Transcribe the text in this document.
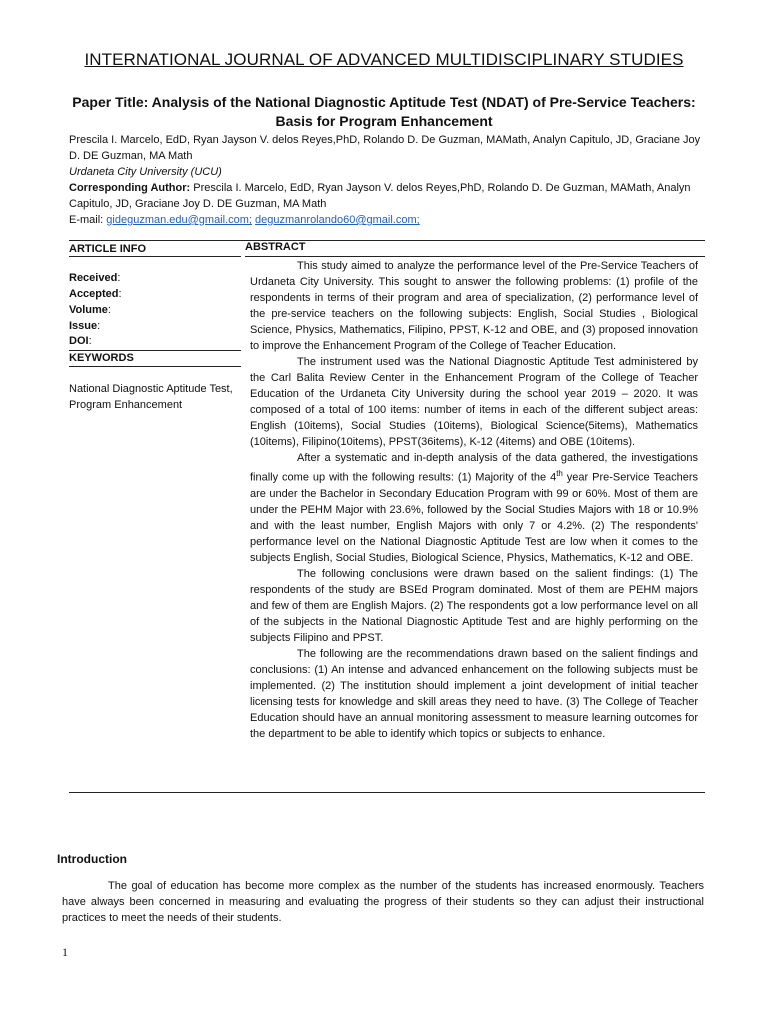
INTERNATIONAL JOURNAL OF ADVANCED MULTIDISCIPLINARY STUDIES
Paper Title: Analysis of the National Diagnostic Aptitude Test (NDAT) of Pre-Service Teachers: Basis for Program Enhancement
Prescila I. Marcelo, EdD, Ryan Jayson V. delos Reyes,PhD, Rolando D. De Guzman, MAMath, Analyn Capitulo, JD, Graciane Joy D. DE Guzman, MA Math
Urdaneta City University (UCU)
Corresponding Author: Prescila I. Marcelo, EdD, Ryan Jayson V. delos Reyes,PhD, Rolando D. De Guzman, MAMath, Analyn Capitulo, JD, Graciane Joy D. DE Guzman, MA Math
E-mail: gideguzman.edu@gmail.com; deguzmanrolando60@gmail.com;
ARTICLE INFO	ABSTRACT
Received:
Accepted:
Volume:
Issue:
DOI:
KEYWORDS
National Diagnostic Aptitude Test, Program Enhancement

This study aimed to analyze the performance level of the Pre-Service Teachers of Urdaneta City University. This sought to answer the following problems: (1) profile of the respondents in terms of their program and area of specialization, (2) performance level of the pre-service teachers on the following subjects: English, Social Studies , Biological Science, Physics, Mathematics, Filipino, PPST, K-12 and OBE, and (3) proposed innovation to improve the Enhancement Program of the College of Teacher Education.

The instrument used was the National Diagnostic Aptitude Test administered by the Carl Balita Review Center in the Enhancement Program of the College of Teacher Education of the Urdaneta City University during the school year 2019 – 2020. It was composed of a total of 100 items: number of items in each of the different subject areas: English (10items), Social Studies (10items), Biological Science(5items), Mathematics (10items), Filipino(10items), PPST(36items), K-12 (4items) and OBE (10items).

After a systematic and in-depth analysis of the data gathered, the investigations finally come up with the following results: (1) Majority of the 4th year Pre-Service Teachers are under the Bachelor in Secondary Education Program with 99 or 60%. Most of them are under the PEHM Major with 23.6%, followed by the Social Studies Majors with 18 or 10.9% and with the least number, English Majors with only 7 or 4.2%. (2) The respondents' performance level on the National Diagnostic Aptitude Test are low when it comes to the subjects English, Social Studies, Biological Science, Physics, Mathematics, K-12 and OBE.

The following conclusions were drawn based on the salient findings: (1) The respondents of the study are BSEd Program dominated. Most of them are PEHM majors and few of them are English Majors. (2) The respondents got a low performance level on all of the subjects in the National Diagnostic Aptitude Test and are highly performing on the subjects Filipino and PPST.

The following are the recommendations drawn based on the salient findings and conclusions: (1) An intense and advanced enhancement on the following subjects must be implemented. (2) The institution should implement a joint development of initial teacher licensing tests for knowledge and skill areas they need to have. (3) The College of Teacher Education should have an annual monitoring assessment to measure learning outcomes for the department to be able to identify which topics or subjects to enhance.

Introduction
The goal of education has become more complex as the number of the students has increased enormously. Teachers have always been concerned in measuring and evaluating the progress of their students so they can adjust their instructional practices to meet the needs of their students.
1
